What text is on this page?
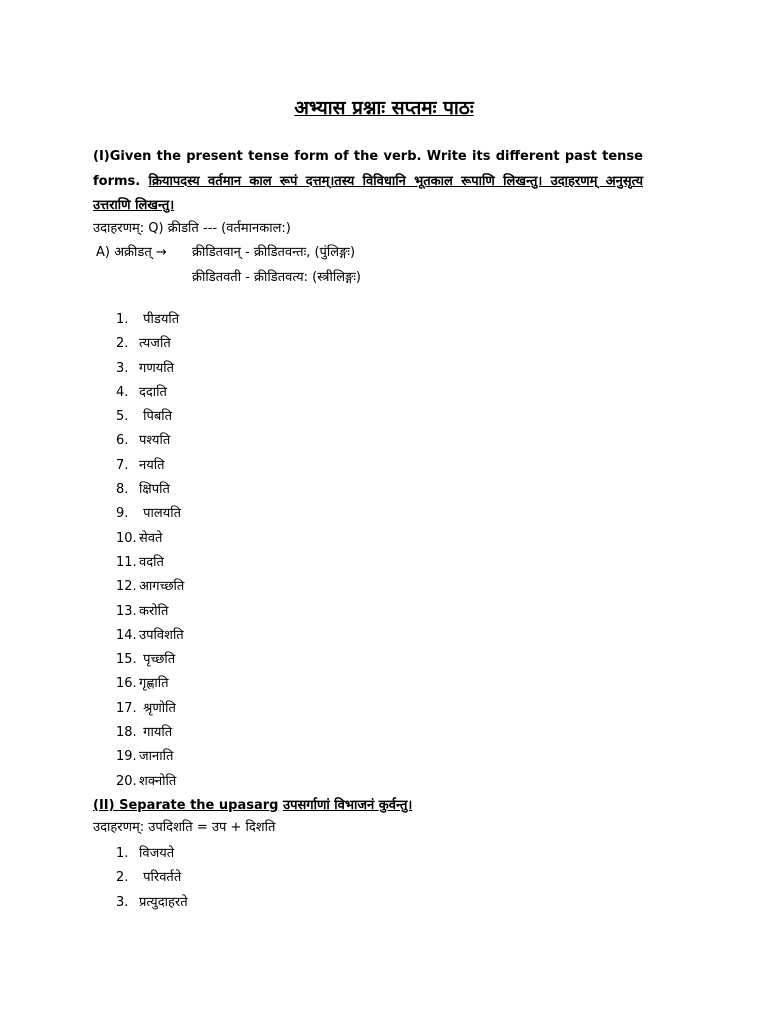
अभ्यास प्रश्नाः सप्तमः पाठः
(I)Given the present tense form of the verb. Write its different past tense forms. क्रियापदस्य वर्तमान काल रूपं दत्तम्।तस्य विविधानि भूतकाल रूपाणि लिखन्तु। उदाहरणम् अनुसृत्य उत्तराणि लिखन्तु।
उदाहरणम्: Q) क्रीडति --- (वर्तमानकाल:)
A) अक्रीडत् → क्रीडितवान् - क्रीडितवन्तः, (पुंलिङ्गः)
क्रीडितवती - क्रीडितवत्य: (स्त्रीलिङ्गः)
1. पीडयति
2. त्यजति
3. गणयति
4. ददाति
5. पिबति
6. पश्यति
7. नयति
8. क्षिपति
9. पालयति
10. सेवते
11. वदति
12. आगच्छति
13. करोति
14. उपविशति
15. पृच्छति
16. गृह्णाति
17. श्रृणोति
18. गायति
19. जानाति
20. शक्नोति
(II) Separate the upasarg उपसर्गाणां विभाजनं कुर्वन्तु।
उदाहरणम्: उपदिशति = उप + दिशति
1. विजयते
2. परिवर्तते
3. प्रत्युदाहरते
